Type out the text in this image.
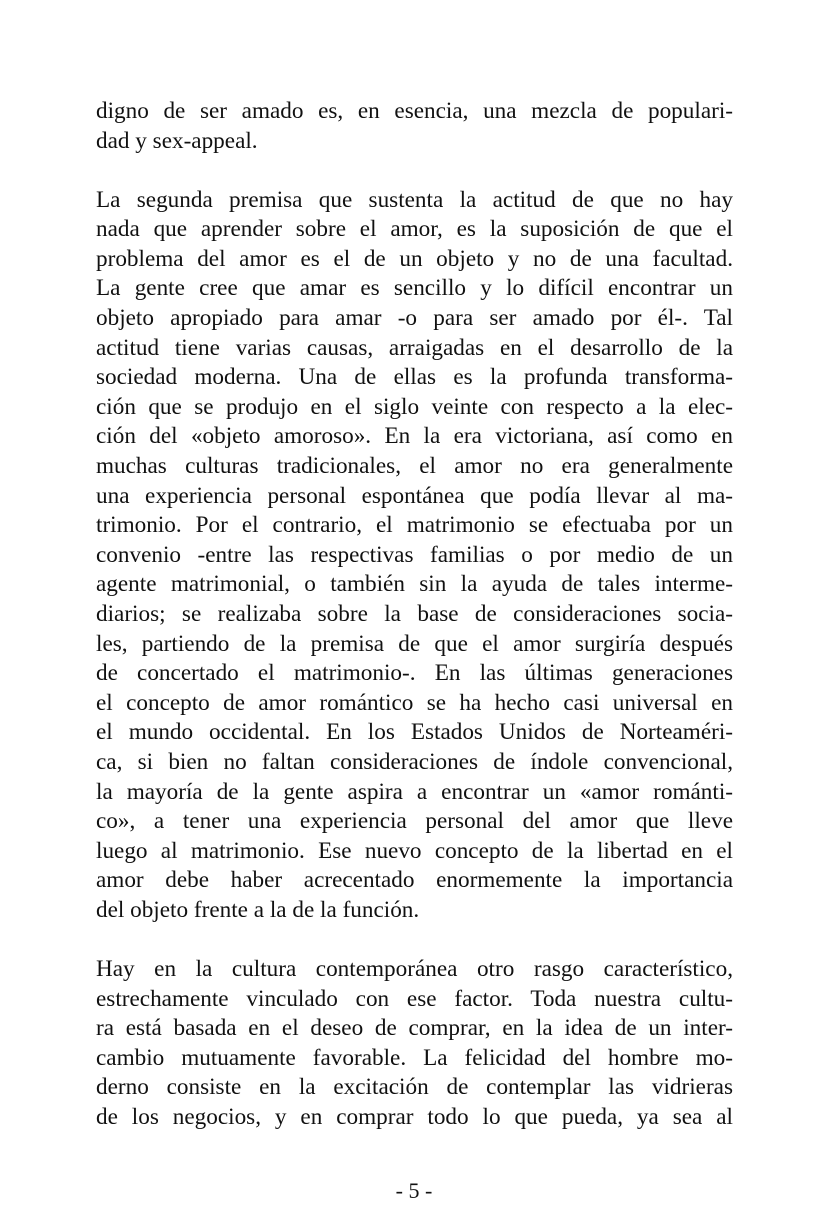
digno de ser amado es, en esencia, una mezcla de populari-
dad y sex-appeal.
La segunda premisa que sustenta la actitud de que no hay
nada que aprender sobre el amor, es la suposición de que el
problema del amor es el de un objeto y no de una facultad.
La gente cree que amar es sencillo y lo difícil encontrar un
objeto apropiado para amar -o para ser amado por él-. Tal
actitud tiene varias causas, arraigadas en el desarrollo de la
sociedad moderna. Una de ellas es la profunda transforma-
ción que se produjo en el siglo veinte con respecto a la elec-
ción del «objeto amoroso». En la era victoriana, así como en
muchas culturas tradicionales, el amor no era generalmente
una experiencia personal espontánea que podía llevar al ma-
trimonio. Por el contrario, el matrimonio se efectuaba por un
convenio -entre las respectivas familias o por medio de un
agente matrimonial, o también sin la ayuda de tales interme-
diarios; se realizaba sobre la base de consideraciones socia-
les, partiendo de la premisa de que el amor surgiría después
de concertado el matrimonio-. En las últimas generaciones
el concepto de amor romántico se ha hecho casi universal en
el mundo occidental. En los Estados Unidos de Norteaméri-
ca, si bien no faltan consideraciones de índole convencional,
la mayoría de la gente aspira a encontrar un «amor románti-
co», a tener una experiencia personal del amor que lleve
luego al matrimonio. Ese nuevo concepto de la libertad en el
amor debe haber acrecentado enormemente la importancia
del objeto frente a la de la función.
Hay en la cultura contemporánea otro rasgo característico,
estrechamente vinculado con ese factor. Toda nuestra cultu-
ra está basada en el deseo de comprar, en la idea de un inter-
cambio mutuamente favorable. La felicidad del hombre mo-
derno consiste en la excitación de contemplar las vidrieras
de los negocios, y en comprar todo lo que pueda, ya sea al
- 5 -
